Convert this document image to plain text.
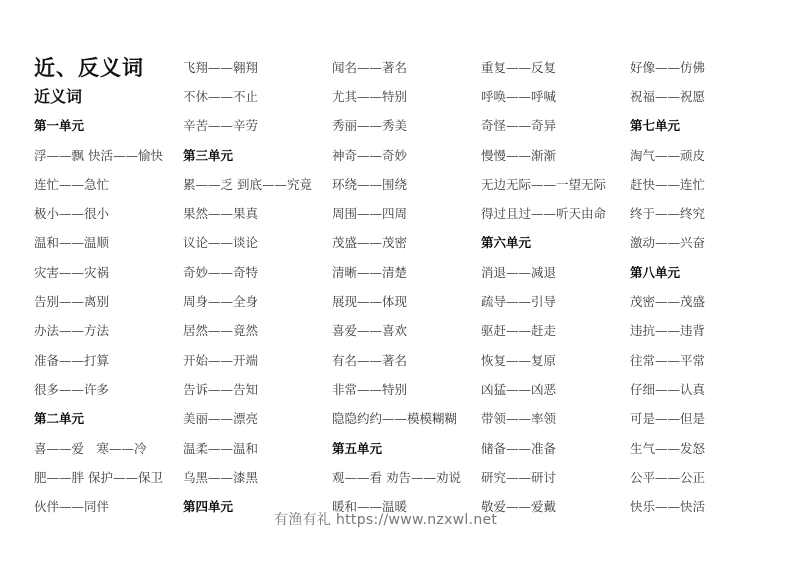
近、反义词
近义词
第一单元
浮——飘 快活——愉快
连忙——急忙
极小——很小
温和——温顺
灾害——灾祸
告别——离别
办法——方法
准备——打算
很多——许多
第二单元
喜——爱　寒——冷
肥——胖 保护——保卫
伙伴——同伴
飞翔——翱翔
不休——不止
辛苦——辛劳
第三单元
累——乏 到底——究竟
果然——果真
议论——谈论
奇妙——奇特
周身——全身
居然——竟然
开始——开端
告诉——告知
美丽——漂亮
温柔——温和
乌黑——漆黑
第四单元
闻名——著名
尤其——特别
秀丽——秀美
神奇——奇妙
环绕——围绕
周围——四周
茂盛——茂密
清晰——清楚
展现——体现
喜爱——喜欢
有名——著名
非常——特别
隐隐约约——模模糊糊
第五单元
观——看 劝告——劝说
暖和——温暖
重复——反复
呼唤——呼喊
奇怪——奇异
慢慢——渐渐
无边无际——一望无际
得过且过——听天由命
第六单元
消退——减退
疏导——引导
驱赶——赶走
恢复——复原
凶猛——凶恶
带领——率领
储备——准备
研究——研讨
敬爱——爱戴
好像——仿佛
祝福——祝愿
第七单元
淘气——顽皮
赶快——连忙
终于——终究
激动——兴奋
第八单元
茂密——茂盛
违抗——违背
往常——平常
仔细——认真
可是——但是
生气——发怒
公平——公正
快乐——快活
有渔有礼 https://www.nzxwl.net
